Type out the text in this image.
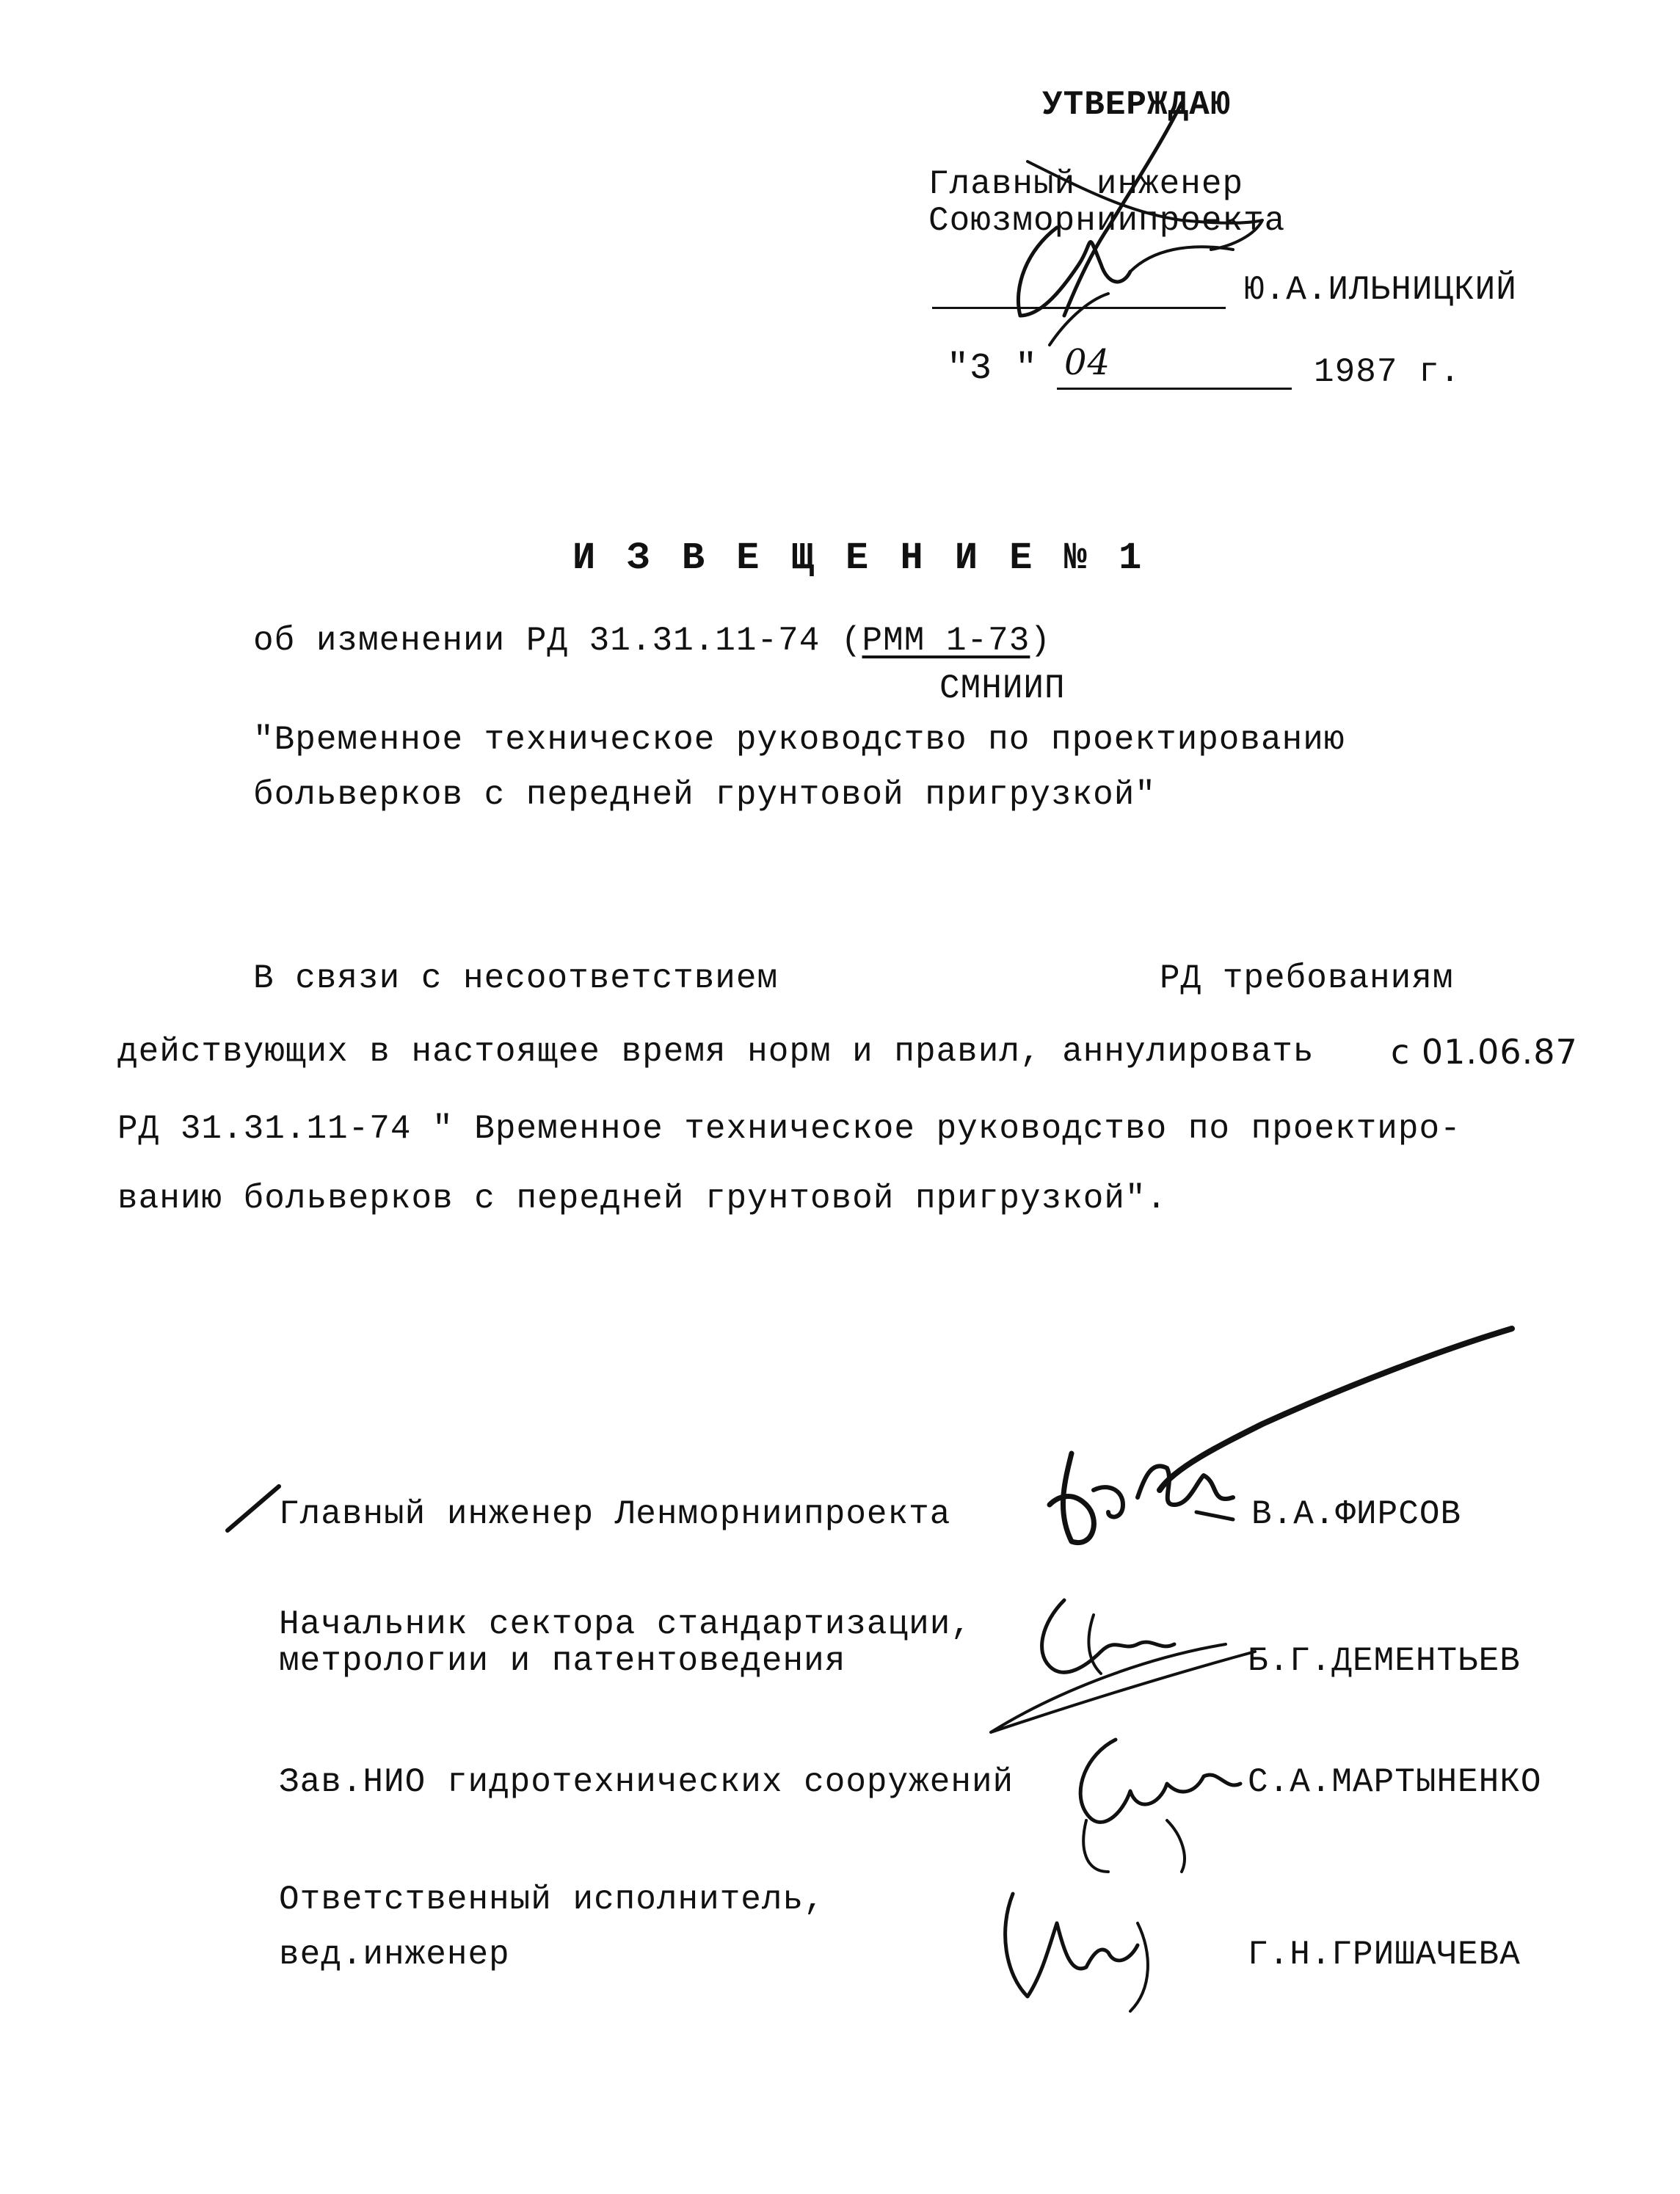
УТВЕРЖДАЮ
Главный инженер
Союзморниипроекта
Ю.А.ИЛЬНИЦКИЙ
"3 " 04	1987 г.
И З В Е Щ Е Н И Е № 1
об изменении РД 31.31.11-74 (РММ 1-73)
СМНИИП
"Временное техническое руководство по проектированию
больверков с передней грунтовой пригрузкой"
В связи с несоответствием	РД требованиям
действующих в настоящее время норм и правил, аннулировать с 01.06.87
РД 31.31.11-74 " Временное техническое руководство по проектиро-
ванию больверков с передней грунтовой пригрузкой".
Главный инженер Ленморниипроекта	В.А.ФИРСОВ
Начальник сектора стандартизации,
метрологии и патентоведения	Б.Г.ДЕМЕНТЬЕВ
Зав.НИО гидротехнических сооружений	С.А.МАРТЫНЕНКО
Ответственный исполнитель,
вед.инженер	Г.Н.ГРИШАЧЕВА
